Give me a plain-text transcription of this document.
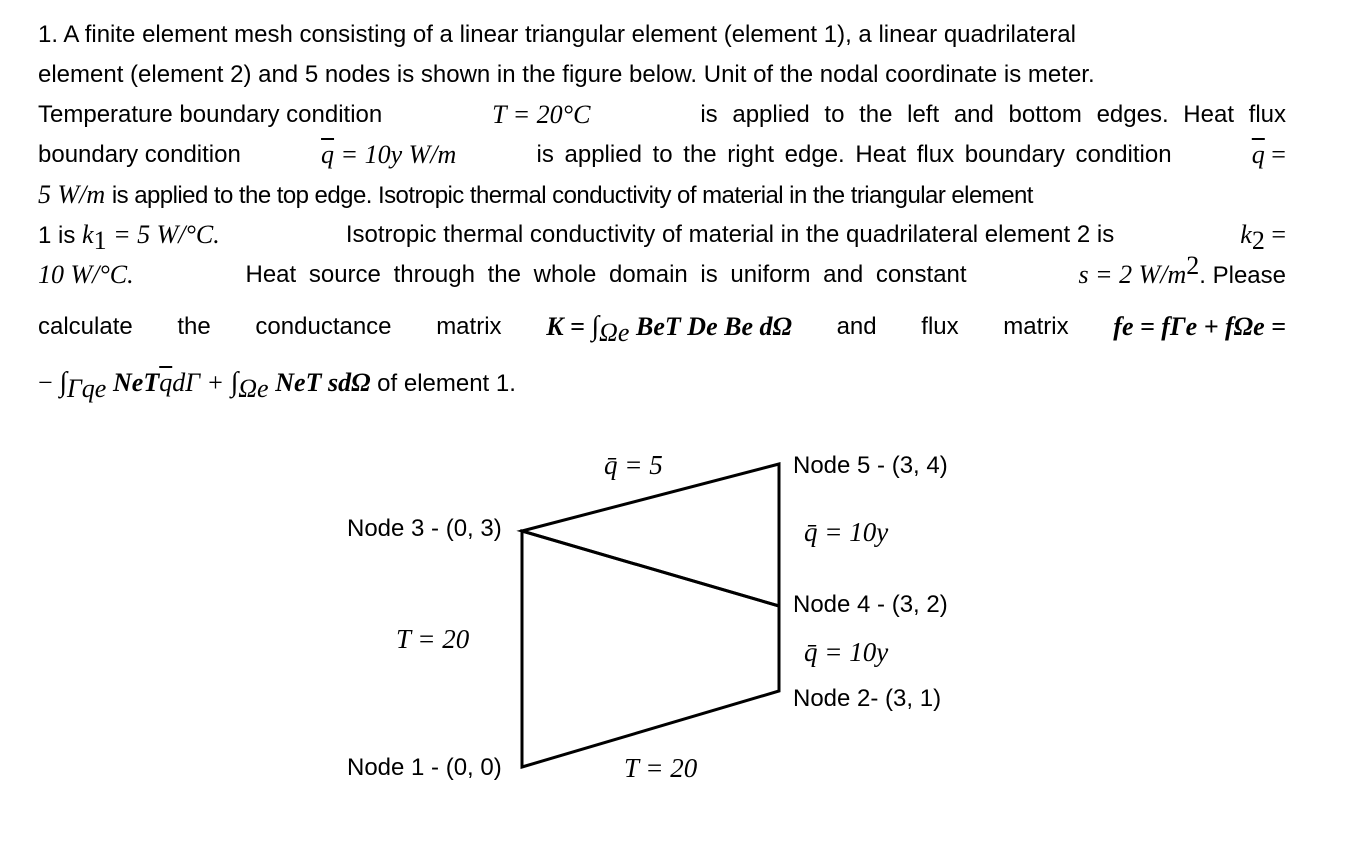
1. A finite element mesh consisting of a linear triangular element (element 1), a linear quadrilateral
element (element 2) and 5 nodes is shown in the figure below. Unit of the nodal coordinate is meter.
Temperature boundary condition	T = 20°C	is applied to the left and bottom edges. Heat flux
boundary condition	$\overline{q} = 10y$ W/m	is applied to the right edge. Heat flux boundary condition	$\overline{q}$ =
5 W/m is applied to the top edge. Isotropic thermal conductivity of material in the triangular element
1 is $k_1 = 5$ W/°C.	Isotropic thermal conductivity of material in the quadrilateral element 2 is	$k_2$ =
10 W/°C.	Heat source through the whole domain is uniform and constant	s = 2 $W/m^2$. Please
calculate the conductance matrix $K = \int_{\Omega e}$ BeT De Be dΩ and flux matrix fe = fΓe + fΩe =
− $\int_{\Gamma qe}$ $NeT\overline{q}d\Gamma + \int_{\Omega e}$ NeT sdΩ of element 1.
Node 3 - (0, 3)
Node 5 - (3, 4)
Node 4 - (3, 2)
Node 2- (3, 1)
Node 1 - (0, 0)
q̄ = 5
q̄ = 10y
q̄ = 10y
T = 20
T = 20
